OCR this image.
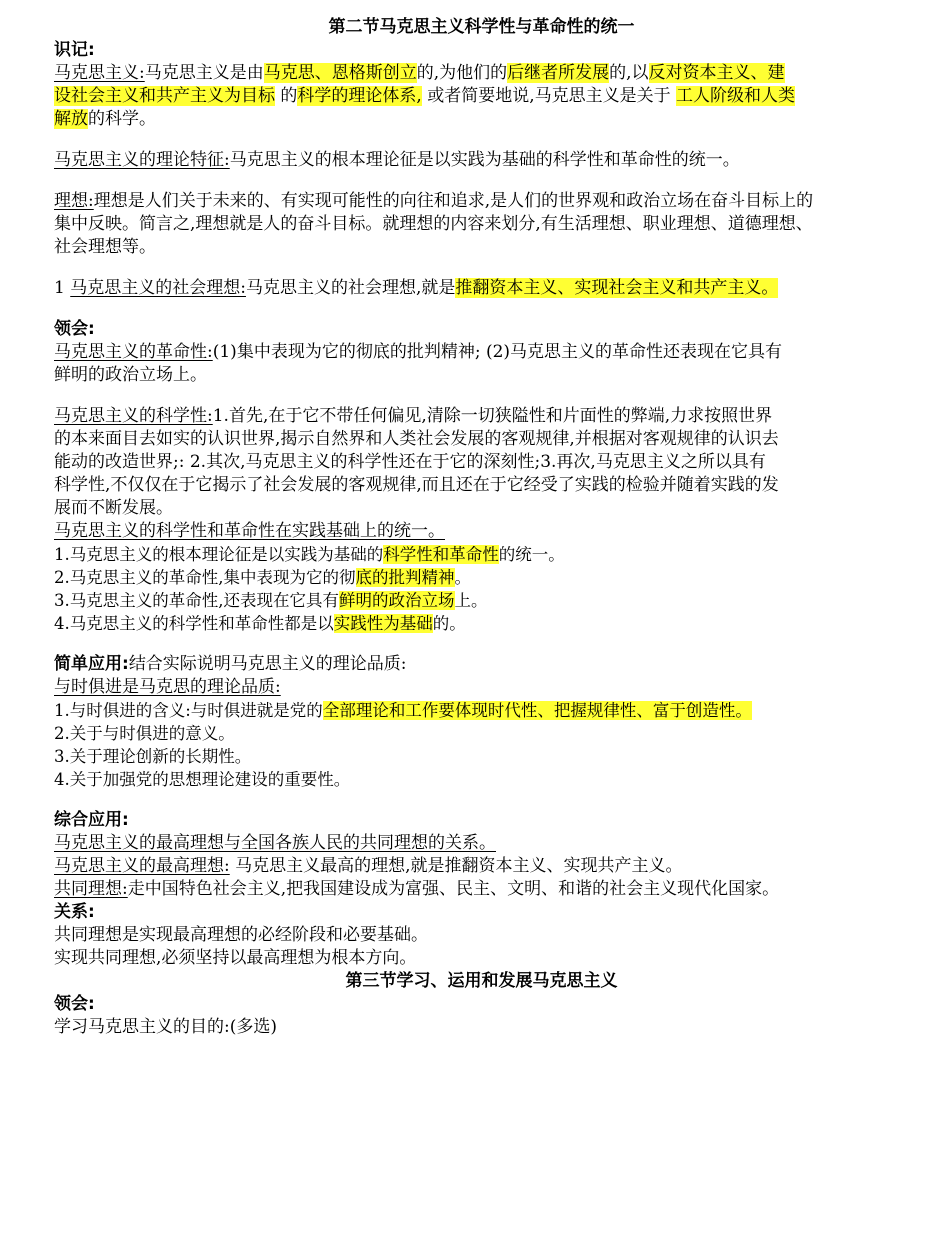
第二节马克思主义科学性与革命性的统一
识记:
马克思主义:马克思主义是由马克思、恩格斯创立的,为他们的后继者所发展的,以反对资本主义、建
设社会主义和共产主义为目标 的科学的理论体系, 或者简要地说,马克思主义是关于 工人阶级和人类
解放的科学。
马克思主义的理论特征:马克思主义的根本理论征是以实践为基础的科学性和革命性的统一。
理想:理想是人们关于未来的、有实现可能性的向往和追求,是人们的世界观和政治立场在奋斗目标上的
集中反映。简言之,理想就是人的奋斗目标。就理想的内容来划分,有生活理想、职业理想、道德理想、
社会理想等。
1 马克思主义的社会理想:马克思主义的社会理想,就是推翻资本主义、实现社会主义和共产主义。
领会:
马克思主义的革命性:(1)集中表现为它的彻底的批判精神; (2)马克思主义的革命性还表现在它具有
鲜明的政治立场上。
马克思主义的科学性:1.首先,在于它不带任何偏见,清除一切狭隘性和片面性的弊端,力求按照世界
的本来面目去如实的认识世界,揭示自然界和人类社会发展的客观规律,并根据对客观规律的认识去
能动的改造世界;: 2.其次,马克思主义的科学性还在于它的深刻性;3.再次,马克思主义之所以具有
科学性,不仅仅在于它揭示了社会发展的客观规律,而且还在于它经受了实践的检验并随着实践的发
展而不断发展。
马克思主义的科学性和革命性在实践基础上的统一。
1.马克思主义的根本理论征是以实践为基础的科学性和革命性的统一。
2.马克思主义的革命性,集中表现为它的彻底的批判精神。
3.马克思主义的革命性,还表现在它具有鲜明的政治立场上。
4.马克思主义的科学性和革命性都是以实践性为基础的。
简单应用:结合实际说明马克思主义的理论品质:
与时俱进是马克思的理论品质:
1.与时俱进的含义:与时俱进就是党的全部理论和工作要体现时代性、把握规律性、富于创造性。
2.关于与时俱进的意义。
3.关于理论创新的长期性。
4.关于加强党的思想理论建设的重要性。
综合应用:
马克思主义的最高理想与全国各族人民的共同理想的关系。
马克思主义的最高理想: 马克思主义最高的理想,就是推翻资本主义、实现共产主义。
共同理想:走中国特色社会主义,把我国建设成为富强、民主、文明、和谐的社会主义现代化国家。
关系:
共同理想是实现最高理想的必经阶段和必要基础。
实现共同理想,必须坚持以最高理想为根本方向。
第三节学习、运用和发展马克思主义
领会:
学习马克思主义的目的:(多选)
